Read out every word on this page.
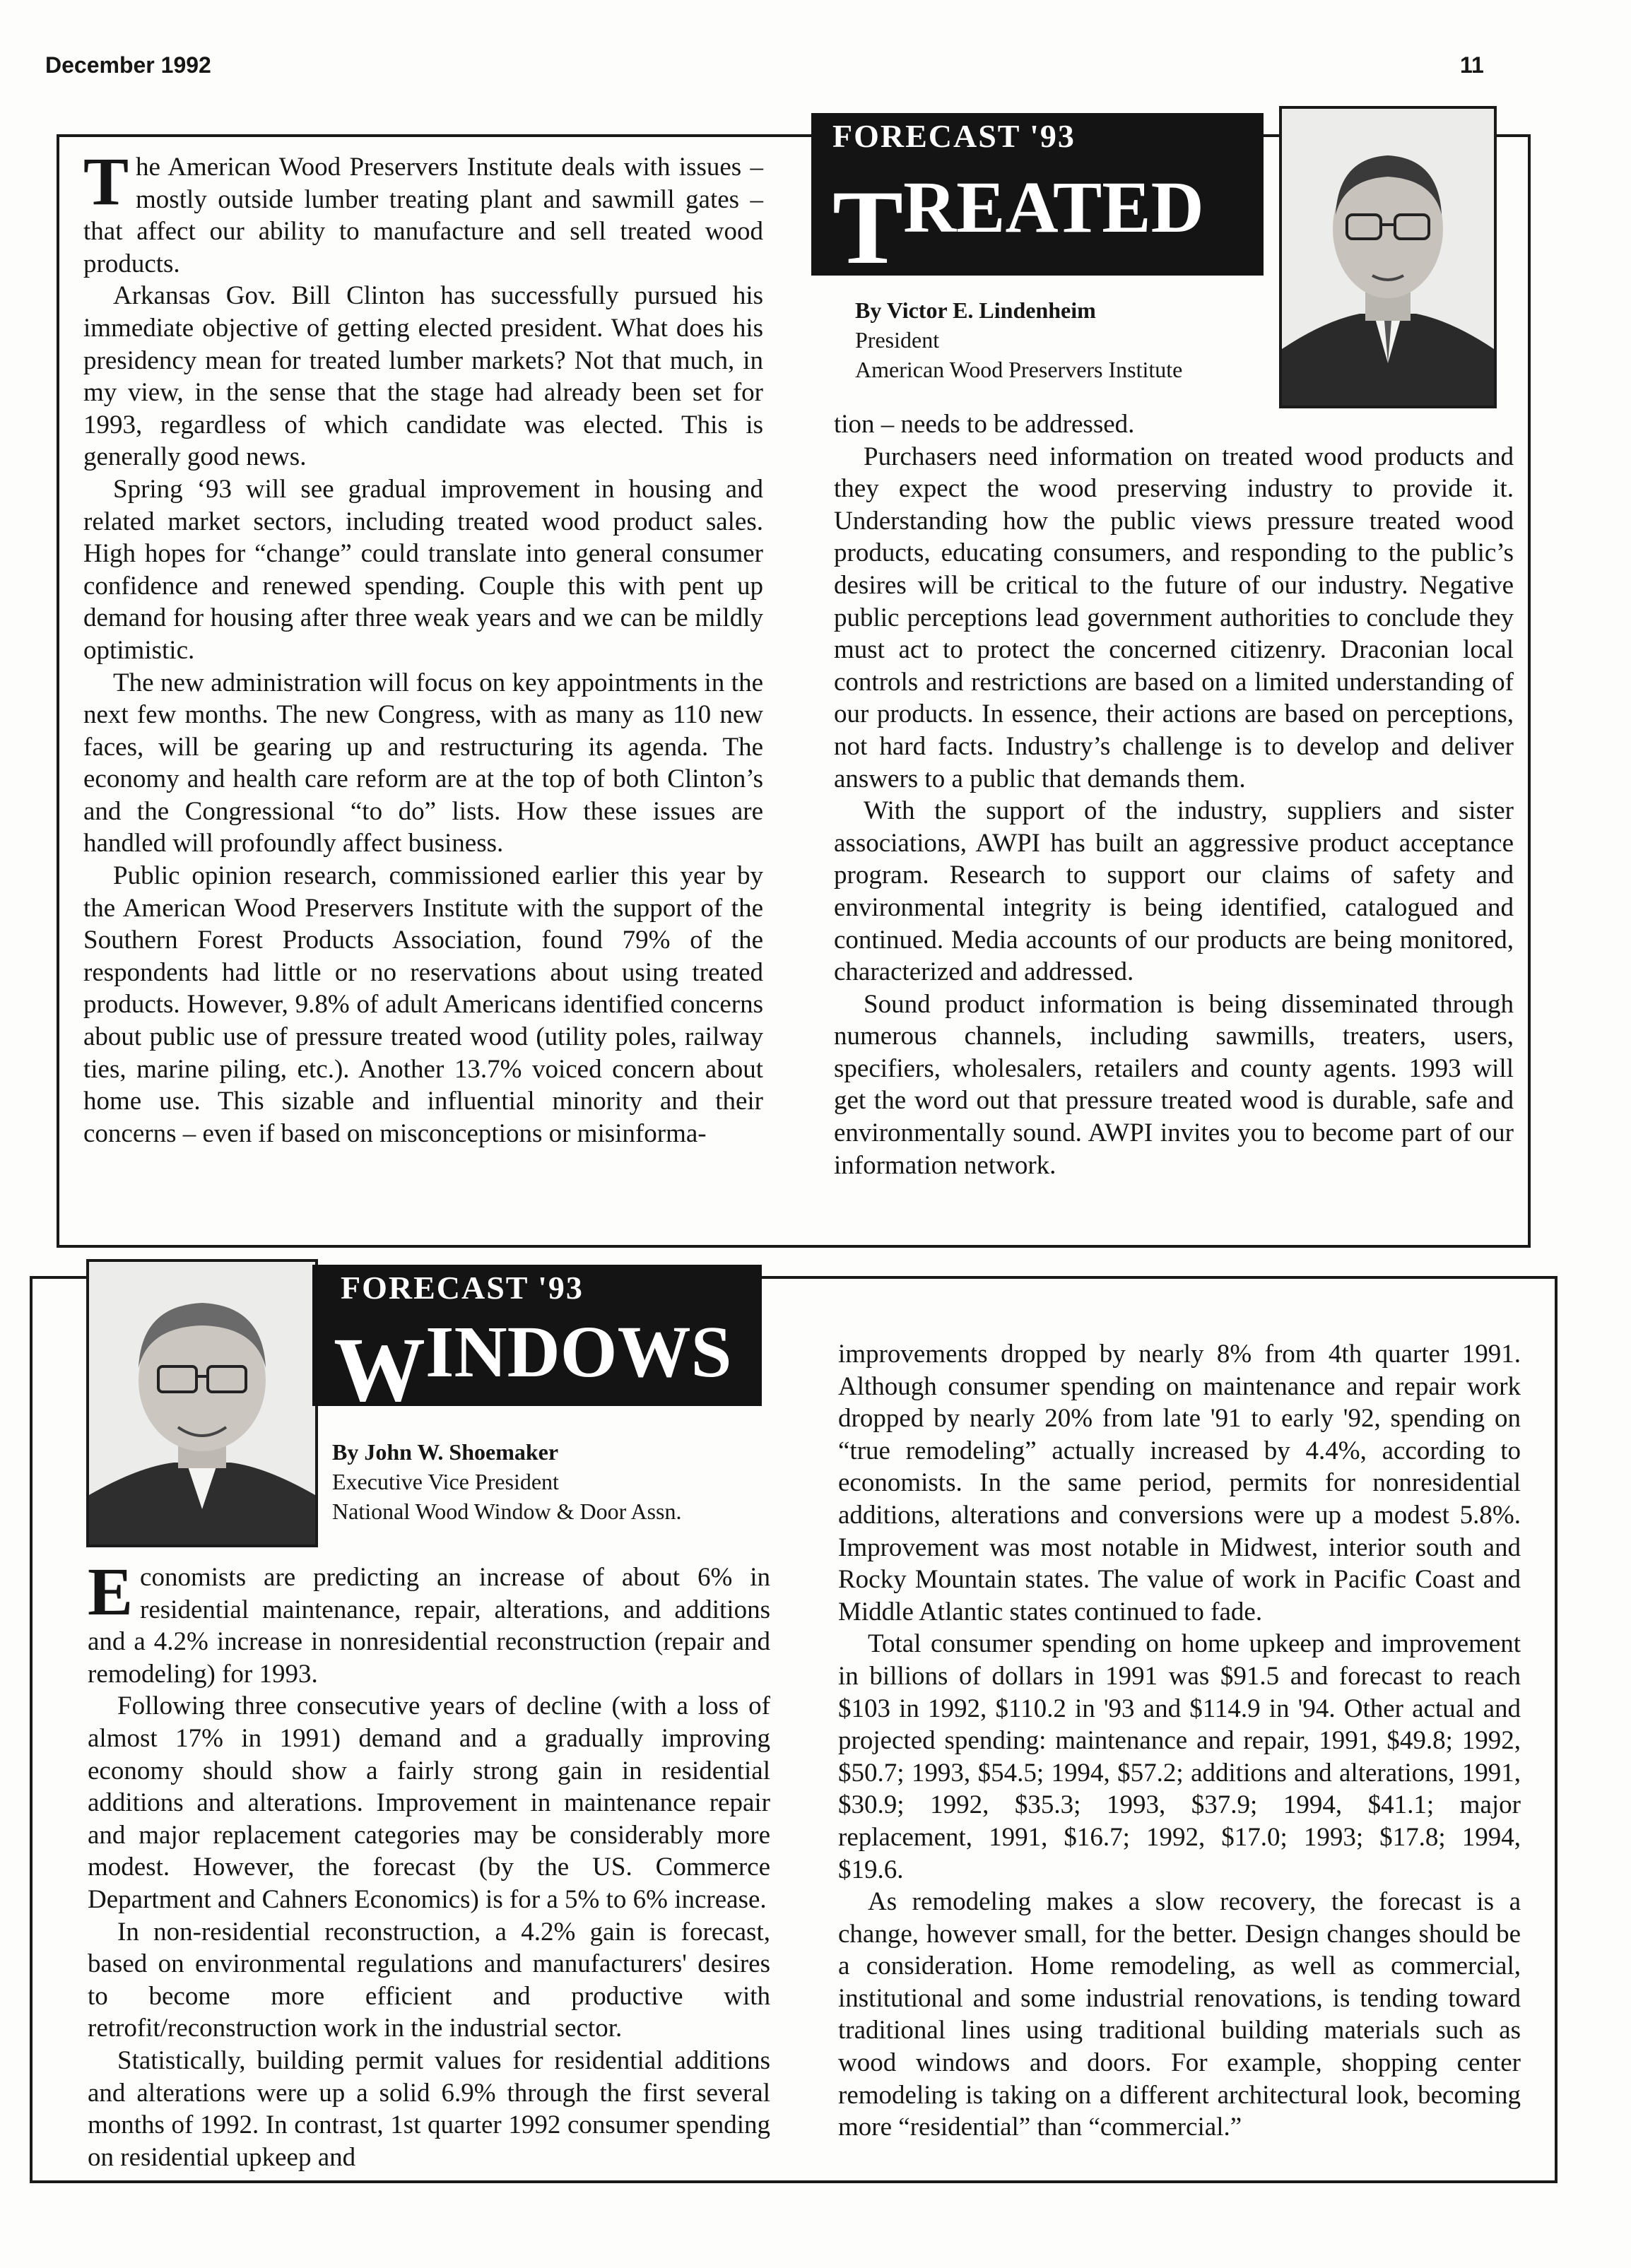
December 1992	11
FORECAST '93
TREATED
By Victor E. Lindenheim
President
American Wood Preservers Institute

The American Wood Preservers Institute deals with issues – mostly outside lumber treating plant and sawmill gates – that affect our ability to manufacture and sell treated wood products.

Arkansas Gov. Bill Clinton has successfully pursued his immediate objective of getting elected president. What does his presidency mean for treated lumber markets? Not that much, in my view, in the sense that the stage had already been set for 1993, regardless of which candidate was elected. This is generally good news.

Spring ‘93 will see gradual improvement in housing and related market sectors, including treated wood product sales. High hopes for “change” could translate into general consumer confidence and renewed spending. Couple this with pent up demand for housing after three weak years and we can be mildly optimistic.

The new administration will focus on key appointments in the next few months. The new Congress, with as many as 110 new faces, will be gearing up and restructuring its agenda. The economy and health care reform are at the top of both Clinton’s and the Congressional “to do” lists. How these issues are handled will profoundly affect business.

Public opinion research, commissioned earlier this year by the American Wood Preservers Institute with the support of the Southern Forest Products Association, found 79% of the respondents had little or no reservations about using treated products. However, 9.8% of adult Americans identified concerns about public use of pressure treated wood (utility poles, railway ties, marine piling, etc.). Another 13.7% voiced concern about home use. This sizable and influential minority and their concerns – even if based on misconceptions or misinforma-

tion – needs to be addressed.

Purchasers need information on treated wood products and they expect the wood preserving industry to provide it. Understanding how the public views pressure treated wood products, educating consumers, and responding to the public’s desires will be critical to the future of our industry. Negative public perceptions lead government authorities to conclude they must act to protect the concerned citizenry. Draconian local controls and restrictions are based on a limited understanding of our products. In essence, their actions are based on perceptions, not hard facts. Industry’s challenge is to develop and deliver answers to a public that demands them.

With the support of the industry, suppliers and sister associations, AWPI has built an aggressive product acceptance program. Research to support our claims of safety and environmental integrity is being identified, catalogued and continued. Media accounts of our products are being monitored, characterized and addressed.

Sound product information is being disseminated through numerous channels, including sawmills, treaters, users, specifiers, wholesalers, retailers and county agents. 1993 will get the word out that pressure treated wood is durable, safe and environmentally sound. AWPI invites you to become part of our information network.

FORECAST '93
WINDOWS
By John W. Shoemaker
Executive Vice President
National Wood Window & Door Assn.

Economists are predicting an increase of about 6% in residential maintenance, repair, alterations, and additions and a 4.2% increase in nonresidential reconstruction (repair and remodeling) for 1993.

Following three consecutive years of decline (with a loss of almost 17% in 1991) demand and a gradually improving economy should show a fairly strong gain in residential additions and alterations. Improvement in maintenance repair and major replacement categories may be considerably more modest. However, the forecast (by the US. Commerce Department and Cahners Economics) is for a 5% to 6% increase.

In non-residential reconstruction, a 4.2% gain is forecast, based on environmental regulations and manufacturers' desires to become more efficient and productive with retrofit/reconstruction work in the industrial sector.

Statistically, building permit values for residential additions and alterations were up a solid 6.9% through the first several months of 1992. In contrast, 1st quarter 1992 consumer spending on residential upkeep and

improvements dropped by nearly 8% from 4th quarter 1991. Although consumer spending on maintenance and repair work dropped by nearly 20% from late '91 to early '92, spending on “true remodeling” actually increased by 4.4%, according to economists. In the same period, permits for nonresidential additions, alterations and conversions were up a modest 5.8%. Improvement was most notable in Midwest, interior south and Rocky Mountain states. The value of work in Pacific Coast and Middle Atlantic states continued to fade.

Total consumer spending on home upkeep and improvement in billions of dollars in 1991 was $91.5 and forecast to reach $103 in 1992, $110.2 in '93 and $114.9 in '94. Other actual and projected spending: maintenance and repair, 1991, $49.8; 1992, $50.7; 1993, $54.5; 1994, $57.2; additions and alterations, 1991, $30.9; 1992, $35.3; 1993, $37.9; 1994, $41.1; major replacement, 1991, $16.7; 1992, $17.0; 1993; $17.8; 1994, $19.6.

As remodeling makes a slow recovery, the forecast is a change, however small, for the better. Design changes should be a consideration. Home remodeling, as well as commercial, institutional and some industrial renovations, is tending toward traditional lines using traditional building materials such as wood windows and doors. For example, shopping center remodeling is taking on a different architectural look, becoming more “residential” than “commercial.”
